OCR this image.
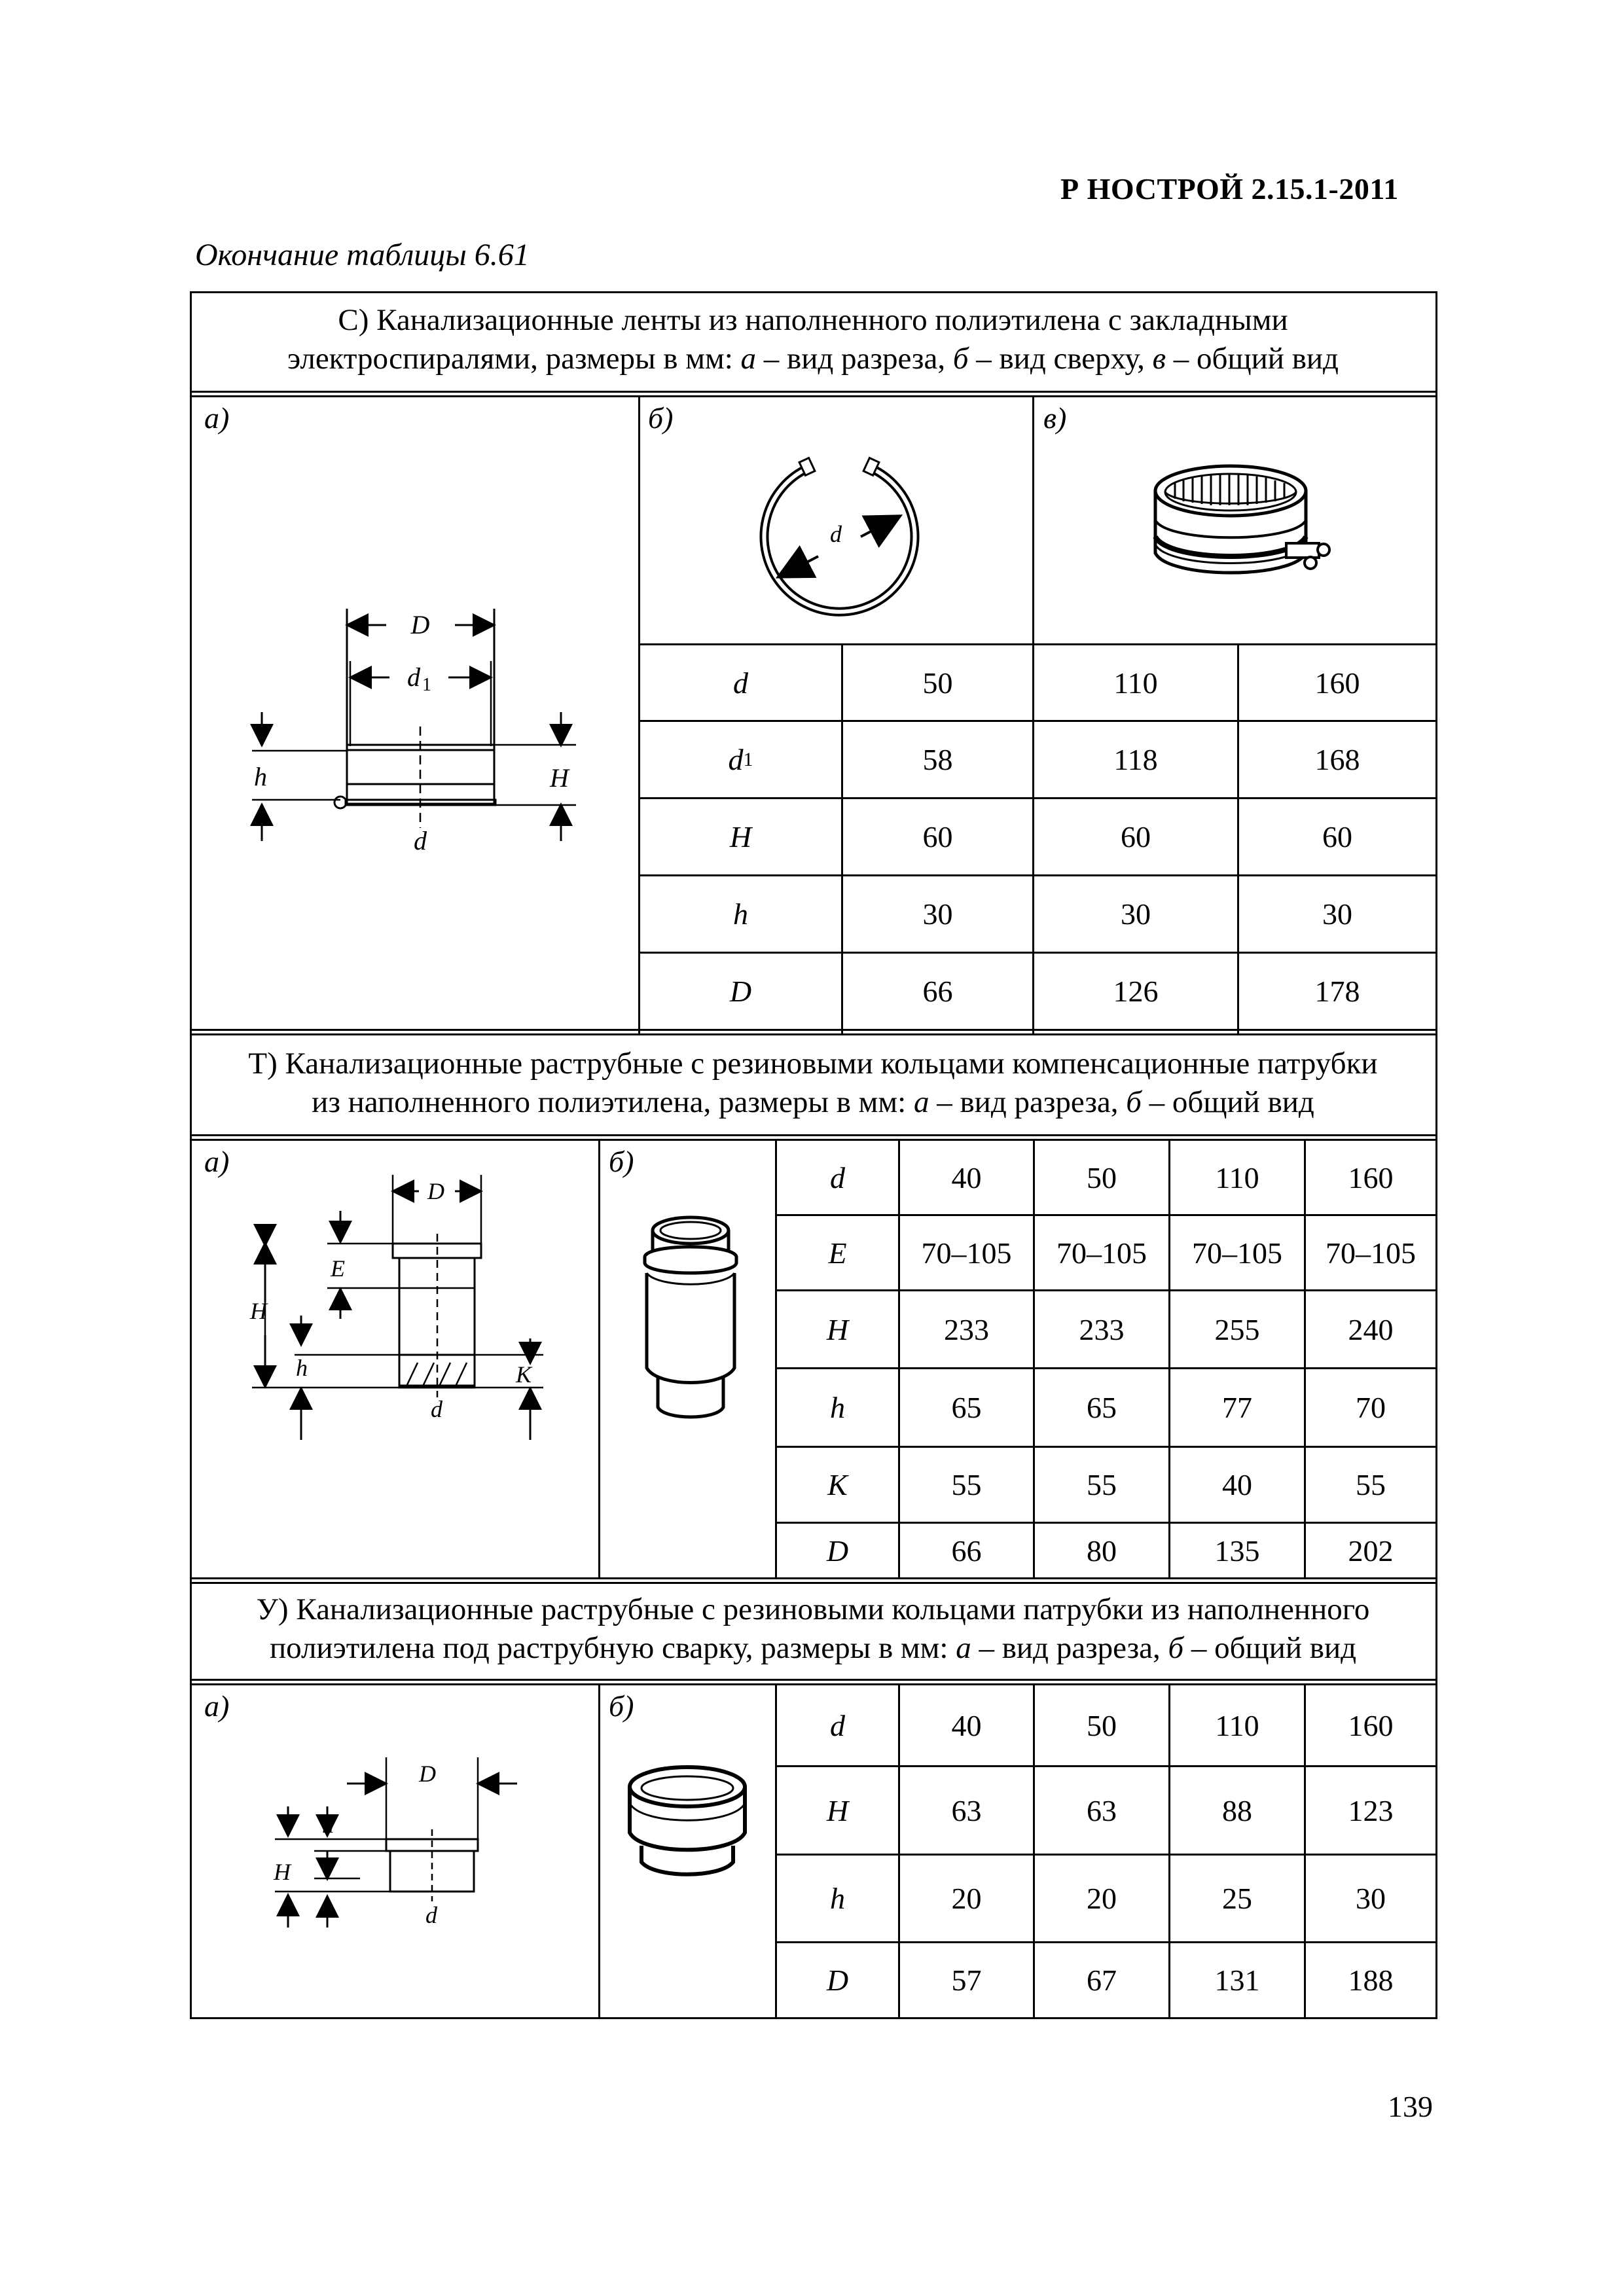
Р НОСТРОЙ 2.15.1-2011
Окончание таблицы 6.61
139
С) Канализационные ленты из наполненного полиэтилена с закладными
электроспиралями, размеры в мм: а – вид разреза, б – вид сверху, в – общий вид
а)	б)	в)
D
d 1
d
h	H
d
d	50	110	160
d 1	58	118	168
H	60	60	60
h	30	30	30
D	66	126	178
Т) Канализационные раструбные с резиновыми кольцами компенсационные патрубки
из наполненного полиэтилена, размеры в мм: а – вид разреза, б – общий вид
а)	б)
D
d
E
H
h	K
d	40	50	110	160
E	70–105	70–105	70–105	70–105
H	233	233	255	240
h	65	65	77	70
K	55	55	40	55
D	66	80	135	202
У) Канализационные раструбные с резиновыми кольцами патрубки из наполненного
полиэтилена под раструбную сварку, размеры в мм: а – вид разреза, б – общий вид
а)	б)
D
d
H
h
d	40	50	110	160
H	63	63	88	123
h	20	20	25	30
D	57	67	131	188
